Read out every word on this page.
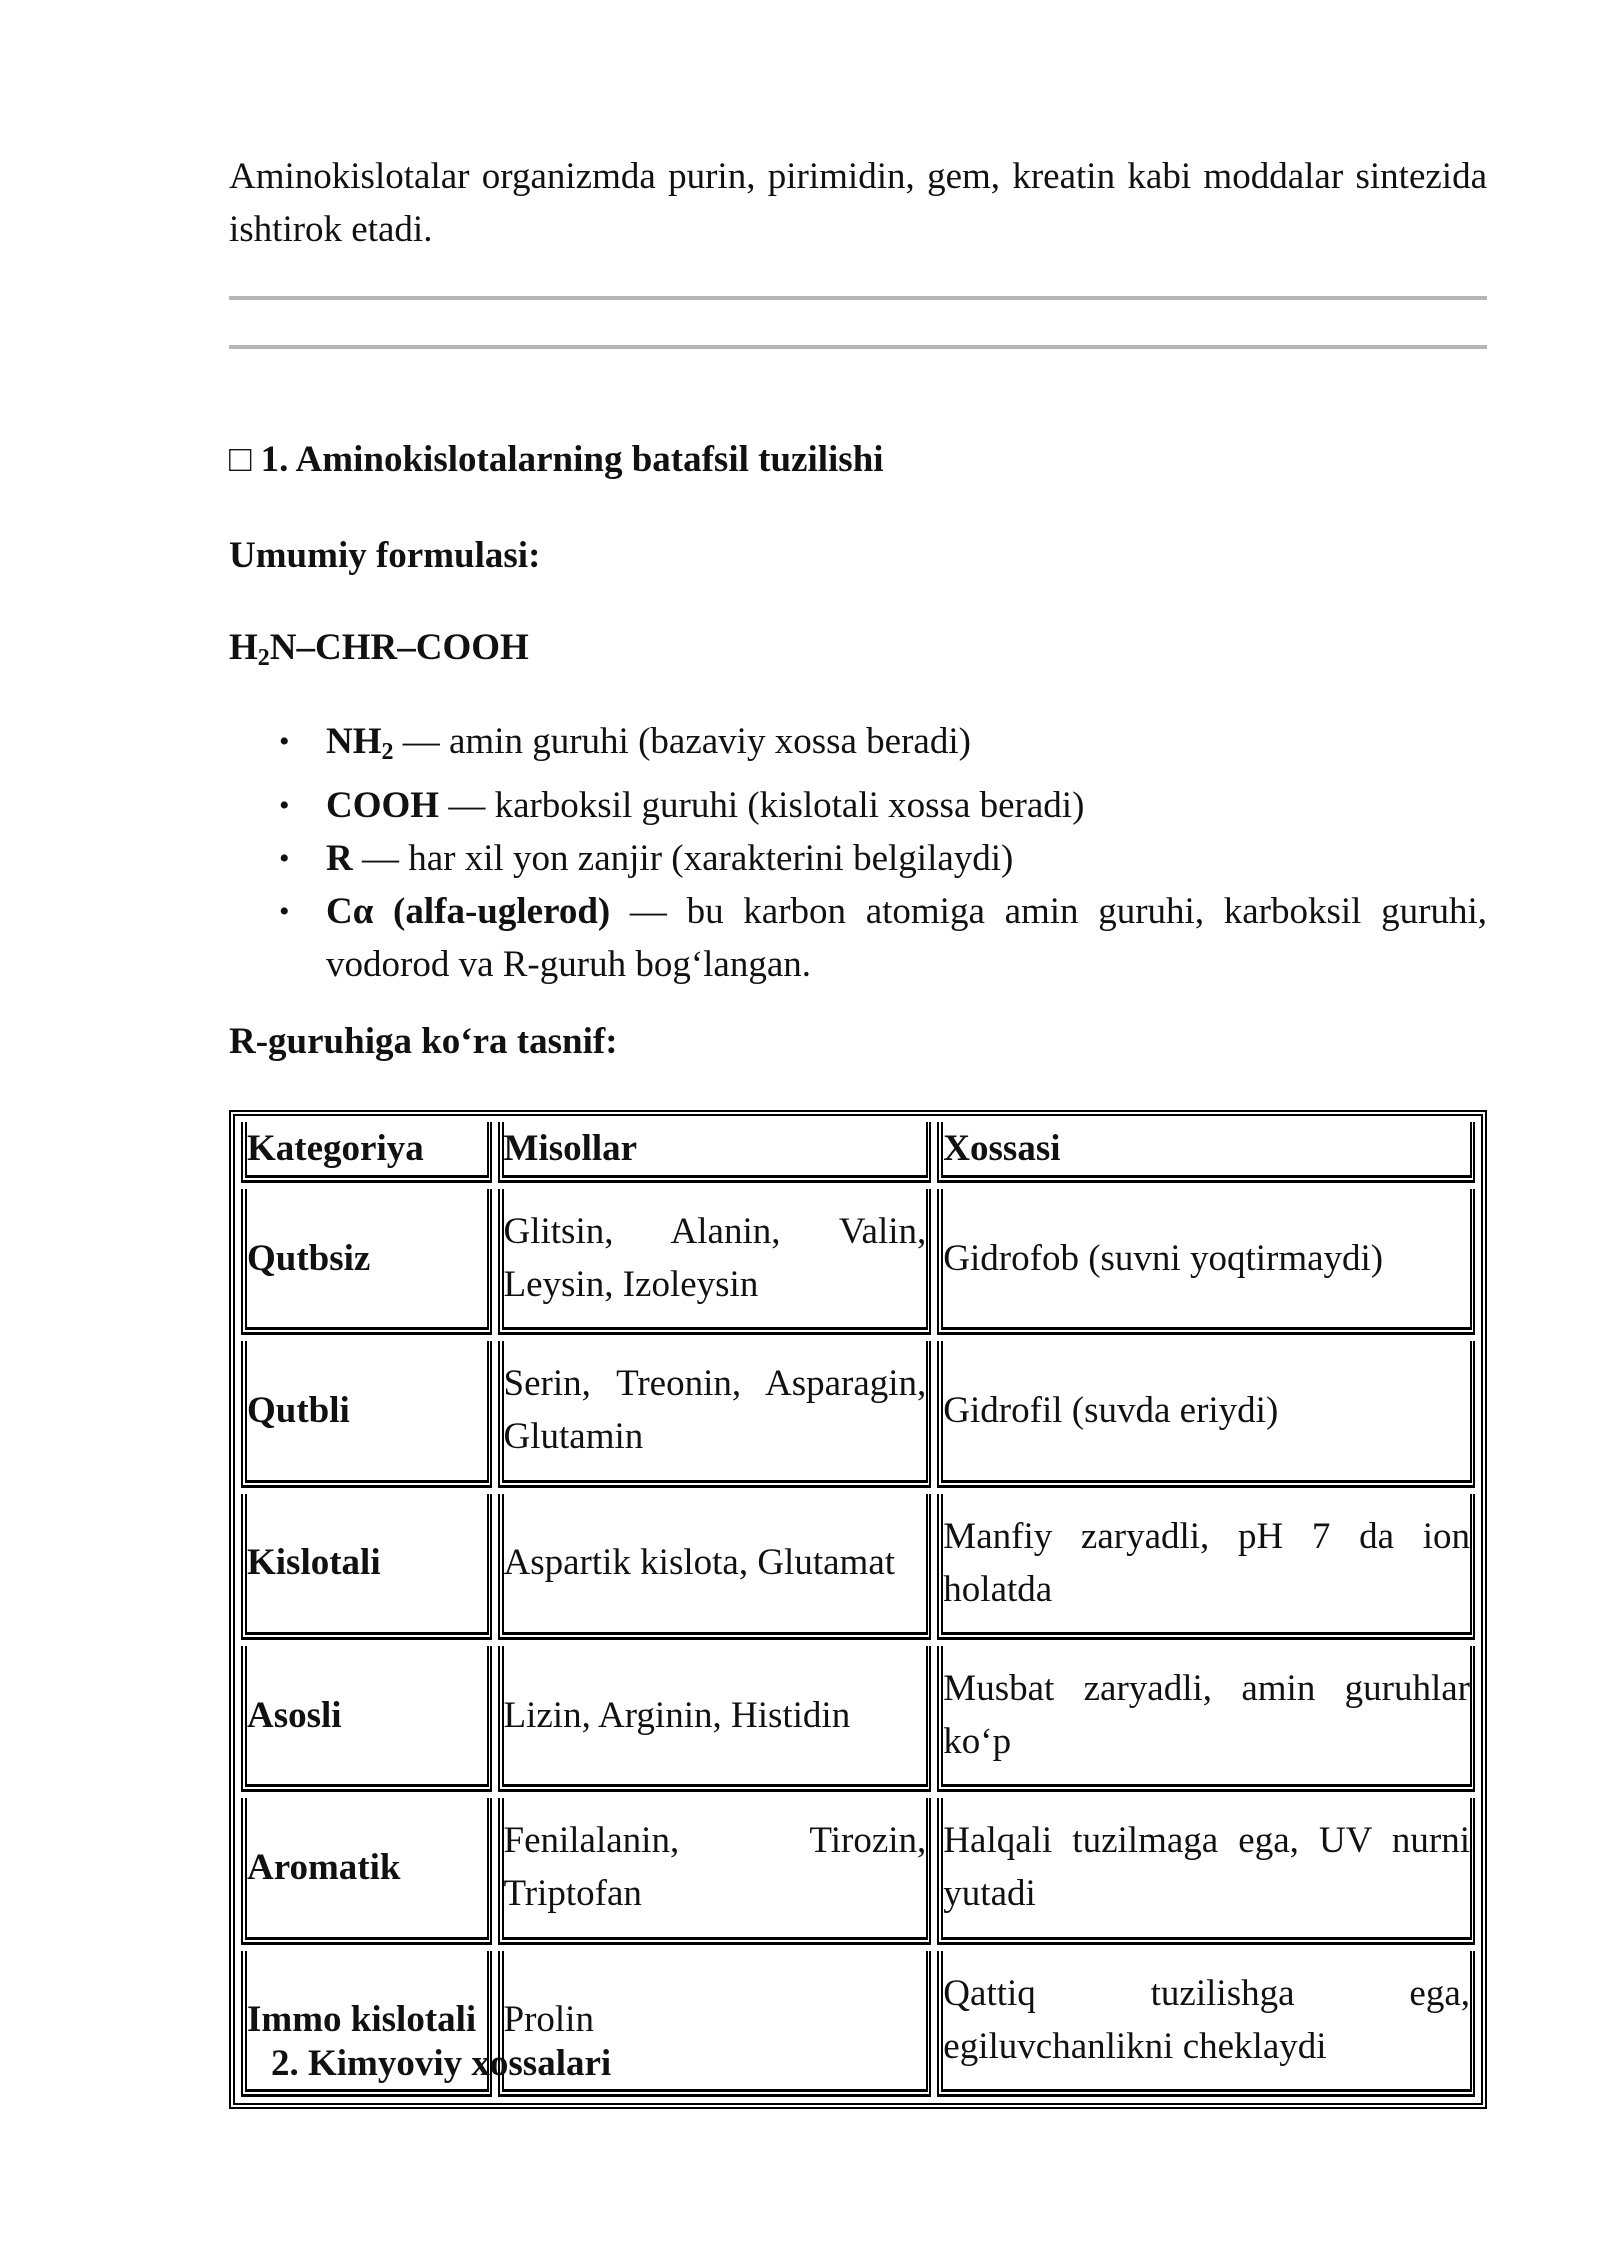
Aminokislotalar organizmda purin, pirimidin, gem, kreatin kabi moddalar sintezida ishtirok etadi.

□ 1. Aminokislotalarning batafsil tuzilishi

Umumiy formulasi:

$H_2N-CHR$–COOH

• $NH_2$ — amin guruhi (bazaviy xossa beradi)
• COOH — karboksil guruhi (kislotali xossa beradi)
• R — har xil yon zanjir (xarakterini belgilaydi)
• Cα (alfa-uglerod) — bu karbon atomiga amin guruhi, karboksil guruhi, vodorod va R-guruh bog‘langan.

R-guruhiga ko‘ra tasnif:

Kategoriya	Misollar	Xossasi
Qutbsiz	Glitsin, Alanin, Valin, Leysin, Izoleysin	Gidrofob (suvni yoqtirmaydi)
Qutbli	Serin, Treonin, Asparagin, Glutamin	Gidrofil (suvda eriydi)
Kislotali	Aspartik kislota, Glutamat	Manfiy zaryadli, pH 7 da ion holatda
Asosli	Lizin, Arginin, Histidin	Musbat zaryadli, amin guruhlar ko‘p
Aromatik	Fenilalanin, Tirozin, Triptofan	Halqali tuzilmaga ega, UV nurni yutadi
Immo kislotali	Prolin	Qattiq tuzilishga ega, egiluvchanlikni cheklaydi

2. Kimyoviy xossalari
